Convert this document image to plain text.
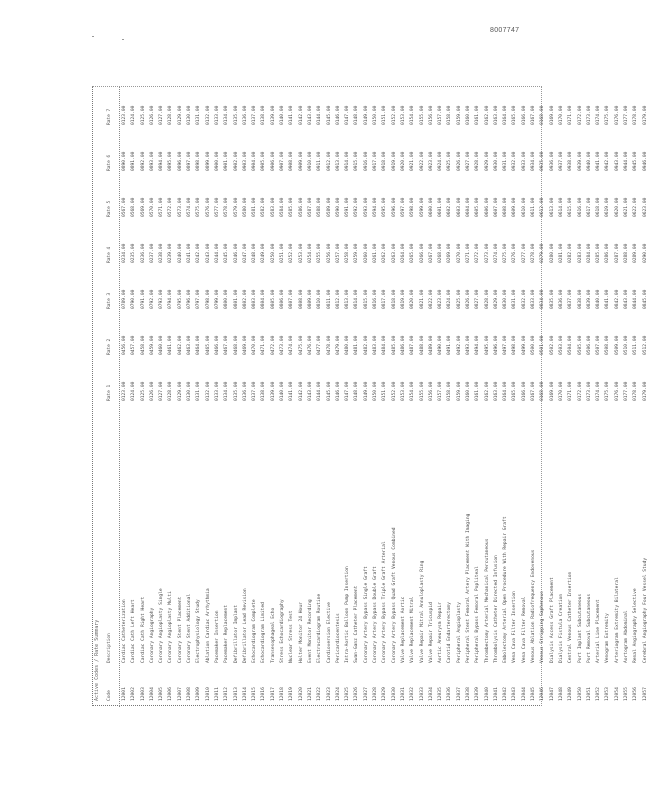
8007747
Active Codes / Rate Summary Code
Description
Rate 1
Rate 2
Rate 3
Rate 4
Rate 5
Rate 6
Rate 7
12001
Cardiac Catheterization
0123.00
0456.00
0789.00
0234.00
0567.00
0890.00
0123.00
12002
Cardiac Cath Left Heart
0124.00
0457.00
0790.00
0235.00
0568.00
0891.00
0124.00
12003
Cardiac Cath Right Heart
0125.00
0458.00
0791.00
0236.00
0569.00
0892.00
0125.00
12004
Coronary Angiography
0126.00
0459.00
0792.00
0237.00
0570.00
0893.00
0126.00
12005
Coronary Angioplasty Single
0127.00
0460.00
0793.00
0238.00
0571.00
0894.00
0127.00
12006
Coronary Angioplasty Multi
0128.00
0461.00
0794.00
0239.00
0572.00
0895.00
0128.00
12007
Coronary Stent Placement
0129.00
0462.00
0795.00
0240.00
0573.00
0896.00
0129.00
12008
Coronary Stent Additional
0130.00
0463.00
0796.00
0241.00
0574.00
0897.00
0130.00
12009
Electrophysiology Study
0131.00
0464.00
0797.00
0242.00
0575.00
0898.00
0131.00
12010
Ablation Cardiac Arrhythmia
0132.00
0465.00
0798.00
0243.00
0576.00
0899.00
0132.00
12011
Pacemaker Insertion
0133.00
0466.00
0799.00
0244.00
0577.00
0900.00
0133.00
12012
Pacemaker Replacement
0134.00
0467.00
0800.00
0245.00
0578.00
0901.00
0134.00
12013
Defibrillator Implant
0135.00
0468.00
0801.00
0246.00
0579.00
0902.00
0135.00
12014
Defibrillator Lead Revision
0136.00
0469.00
0802.00
0247.00
0580.00
0903.00
0136.00
12015
Echocardiogram Complete
0137.00
0470.00
0803.00
0248.00
0581.00
0904.00
0137.00
12016
Echocardiogram Limited
0138.00
0471.00
0804.00
0249.00
0582.00
0905.00
0138.00
12017
Transesophageal Echo
0139.00
0472.00
0805.00
0250.00
0583.00
0906.00
0139.00
12018
Stress Echocardiography
0140.00
0473.00
0806.00
0251.00
0584.00
0907.00
0140.00
12019
Nuclear Stress Test
0141.00
0474.00
0807.00
0252.00
0585.00
0908.00
0141.00
12020
Holter Monitor 24 Hour
0142.00
0475.00
0808.00
0253.00
0586.00
0909.00
0142.00
12021
Event Monitor Recording
0143.00
0476.00
0809.00
0254.00
0587.00
0910.00
0143.00
12022
Electrocardiogram Routine
0144.00
0477.00
0810.00
0255.00
0588.00
0911.00
0144.00
12023
Cardioversion Elective
0145.00
0478.00
0811.00
0256.00
0589.00
0912.00
0145.00
12024
Pericardiocentesis
0146.00
0479.00
0812.00
0257.00
0590.00
0913.00
0146.00
12025
Intra-Aortic Balloon Pump Insertion
0147.00
0480.00
0813.00
0258.00
0591.00
0914.00
0147.00
12026
Swan-Ganz Catheter Placement
0148.00
0481.00
0814.00
0259.00
0592.00
0915.00
0148.00
12027
Coronary Artery Bypass Single Graft
0149.00
0482.00
0815.00
0260.00
0593.00
0916.00
0149.00
12028
Coronary Artery Bypass Double Graft
0150.00
0483.00
0816.00
0261.00
0594.00
0917.00
0150.00
12029
Coronary Artery Bypass Triple Graft Arterial
0151.00
0484.00
0817.00
0262.00
0595.00
0918.00
0151.00
12030
Coronary Artery Bypass Quad Graft Venous Combined
0152.00
0485.00
0818.00
0263.00
0596.00
0919.00
0152.00
12031
Valve Replacement Aortic
0153.00
0486.00
0819.00
0264.00
0597.00
0920.00
0153.00
12032
Valve Replacement Mitral
0154.00
0487.00
0820.00
0265.00
0598.00
0921.00
0154.00
12033
Valve Repair Mitral Annuloplasty Ring
0155.00
0488.00
0821.00
0266.00
0599.00
0922.00
0155.00
12034
Valve Repair Tricuspid
0156.00
0489.00
0822.00
0267.00
0600.00
0923.00
0156.00
12035
Aortic Aneurysm Repair
0157.00
0490.00
0823.00
0268.00
0601.00
0924.00
0157.00
12036
Carotid Endarterectomy
0158.00
0491.00
0824.00
0269.00
0602.00
0925.00
0158.00
12037
Peripheral Angioplasty
0159.00
0492.00
0825.00
0270.00
0603.00
0926.00
0159.00
12038
Peripheral Stent Femoral Artery Placement With Imaging
0160.00
0493.00
0826.00
0271.00
0604.00
0927.00
0160.00
12039
Peripheral Bypass Femoral Popliteal
0161.00
0494.00
0827.00
0272.00
0605.00
0928.00
0161.00
12040
Thrombectomy Arterial Mechanical Percutaneous
0162.00
0495.00
0828.00
0273.00
0606.00
0929.00
0162.00
12041
Thrombolysis Catheter Directed Infusion
0163.00
0496.00
0829.00
0274.00
0607.00
0930.00
0163.00
12042
Embolectomy Arterial Open Procedure With Repair Graft
0164.00
0497.00
0830.00
0275.00
0608.00
0931.00
0164.00
12043
Vena Cava Filter Insertion
0165.00
0498.00
0831.00
0276.00
0609.00
0932.00
0165.00
12044
Vena Cava Filter Removal
0166.00
0499.00
0832.00
0277.00
0610.00
0933.00
0166.00
12045
Venous Ablation Radiofrequency Endovenous
0167.00
0500.00
0833.00
0278.00
0611.00
0934.00
0167.00
12046
Venous Stripping Saphenous
0168.00
0501.00
0834.00
0279.00
0612.00
0935.00
0168.00
12047
Dialysis Access Graft Placement
0169.00
0502.00
0835.00
0280.00
0613.00
0936.00
0169.00
12048
Dialysis Fistula Creation
0170.00
0503.00
0836.00
0281.00
0614.00
0937.00
0170.00
12049
Central Venous Catheter Insertion
0171.00
0504.00
0837.00
0282.00
0615.00
0938.00
0171.00
12050
Port Implant Subcutaneous
0172.00
0505.00
0838.00
0283.00
0616.00
0939.00
0172.00
12051
Port Removal Subcutaneous
0173.00
0506.00
0839.00
0284.00
0617.00
0940.00
0173.00
12052
Arterial Line Placement
0174.00
0507.00
0840.00
0285.00
0618.00
0941.00
0174.00
12053
Venogram Extremity
0175.00
0508.00
0841.00
0286.00
0619.00
0942.00
0175.00
12054
Arteriogram Extremity Bilateral
0176.00
0509.00
0842.00
0287.00
0620.00
0943.00
0176.00
12055
Aortogram Abdominal
0177.00
0510.00
0843.00
0288.00
0621.00
0944.00
0177.00
12056
Renal Angiography Selective
0178.00
0511.00
0844.00
0289.00
0622.00
0945.00
0178.00
12057
Cerebral Angiography Four Vessel Study
0179.00
0512.00
0845.00
0290.00
0623.00
0946.00
0179.00
